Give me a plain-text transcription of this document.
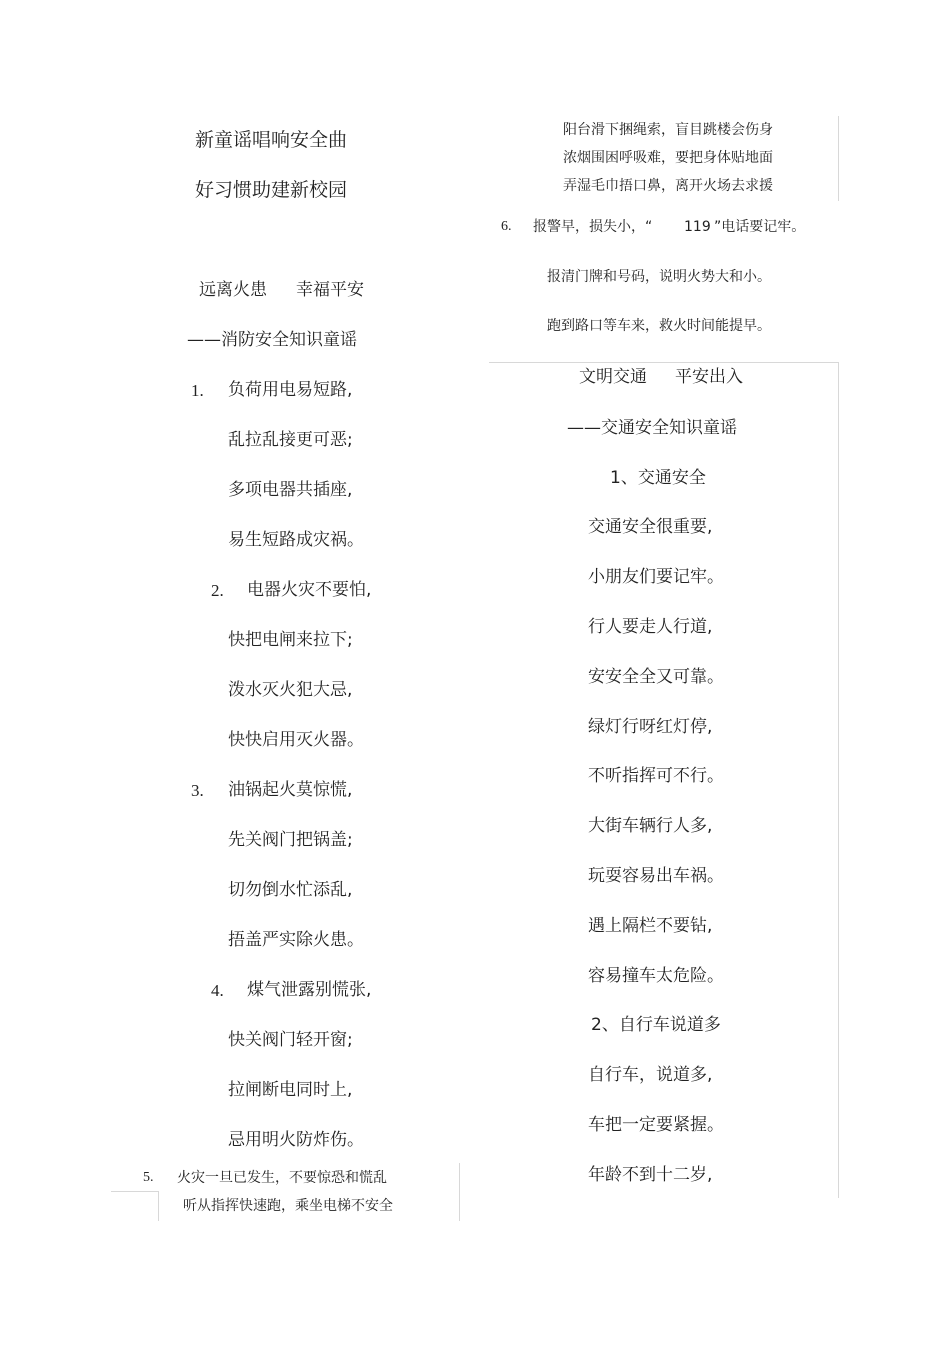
新童谣唱响安全曲
好习惯助建新校园
远离火患 幸福平安
——消防安全知识童谣
1. 负荷用电易短路,
乱拉乱接更可恶;
多项电器共插座,
易生短路成灾祸。
2. 电器火灾不要怕,
快把电闸来拉下;
泼水灭火犯大忌,
快快启用灭火器。
3. 油锅起火莫惊慌,
先关阀门把锅盖;
切勿倒水忙添乱,
捂盖严实除火患。
4. 煤气泄露别慌张,
快关阀门轻开窗;
拉闸断电同时上,
忌用明火防炸伤。
5. 火灾一旦已发生，不要惊恐和慌乱
听从指挥快速跑，乘坐电梯不安全
阳台滑下捆绳索，盲目跳楼会伤身
浓烟围困呼吸难，要把身体贴地面
弄湿毛巾捂口鼻，离开火场去求援
6. 报警早，损失小，“ 119 ”电话要记牢。
报清门牌和号码，说明火势大和小。
跑到路口等车来，救火时间能提早。
文明交通 平安出入
——交通安全知识童谣
1、交通安全
交通安全很重要,
小朋友们要记牢。
行人要走人行道,
安安全全又可靠。
绿灯行呀红灯停,
不听指挥可不行。
大街车辆行人多,
玩耍容易出车祸。
遇上隔栏不要钻,
容易撞车太危险。
2、自行车说道多
自行车，说道多,
车把一定要紧握。
年龄不到十二岁,
